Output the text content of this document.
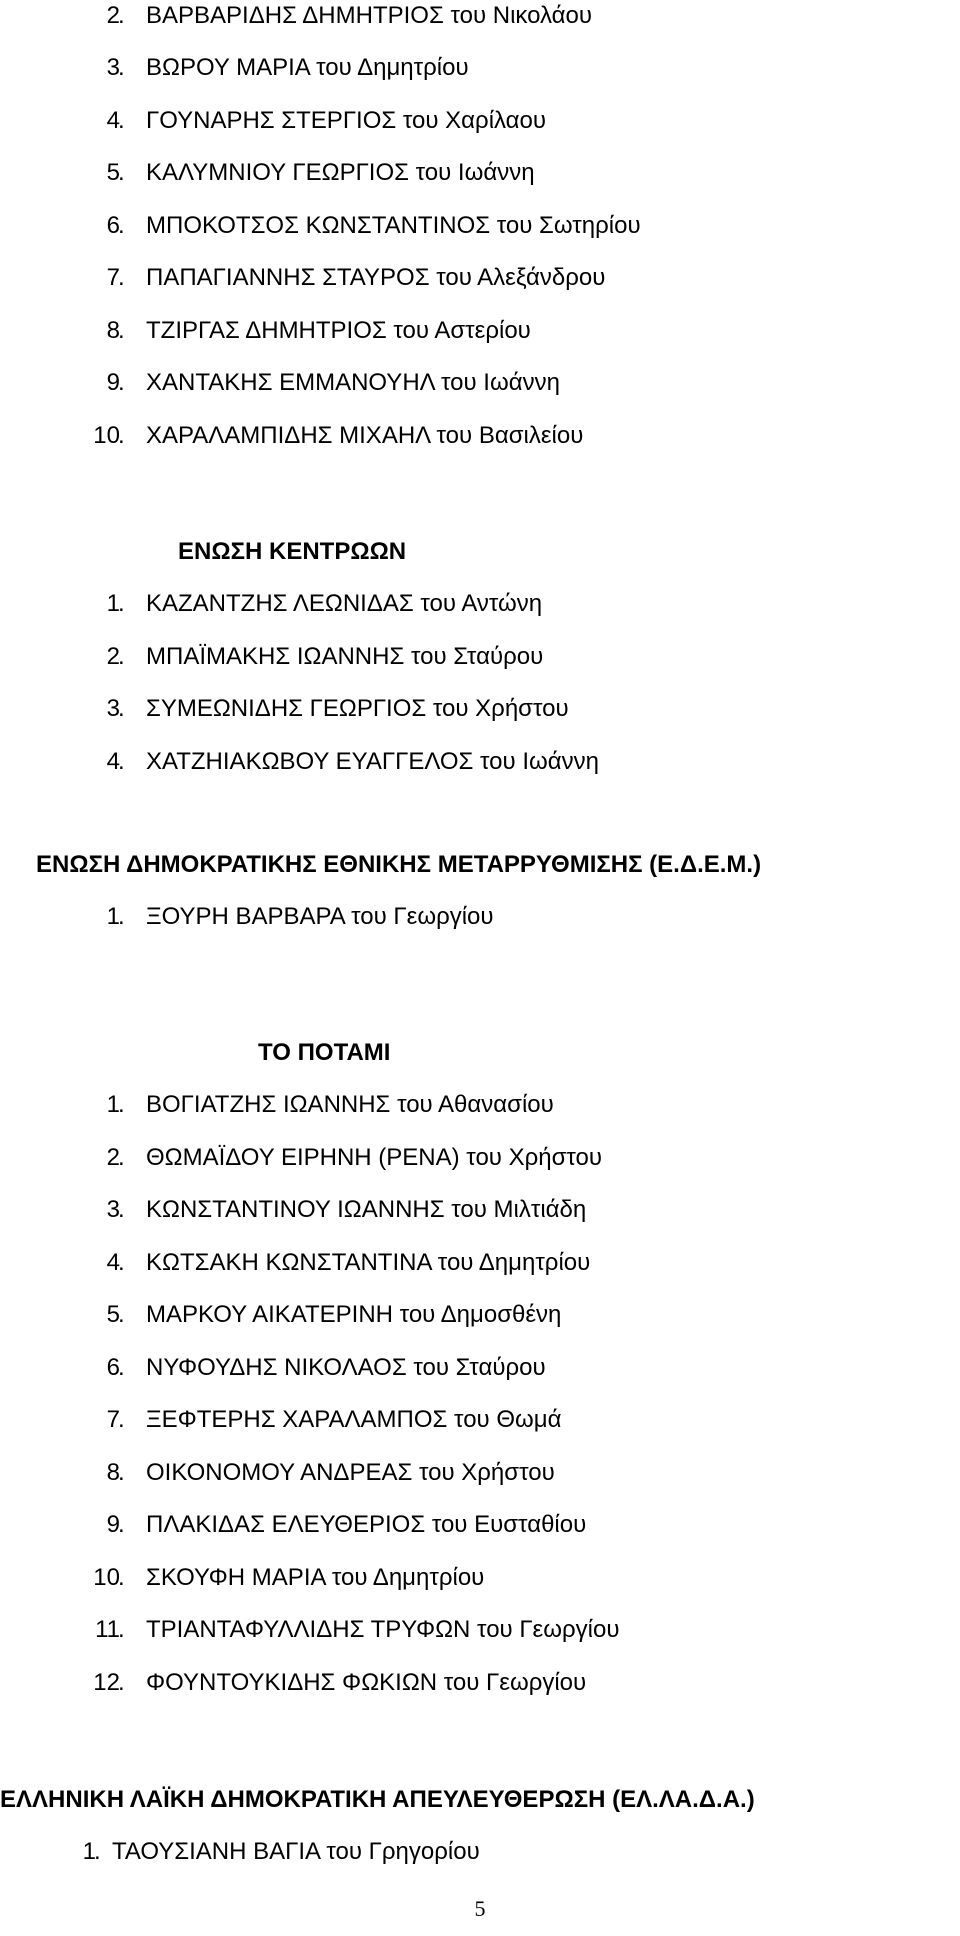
2
. ΒΑΡΒΑΡΙΔΗΣ ΔΗΜΗΤΡΙΟΣ του Νικολάου
3
. ΒΩΡΟΥ ΜΑΡΙΑ του Δημητρίου
4
. ΓΟΥΝΑΡΗΣ ΣΤΕΡΓΙΟΣ του Χαρίλαου
5
. ΚΑΛΥΜΝΙΟΥ ΓΕΩΡΓΙΟΣ του Ιωάννη
6
. ΜΠΟΚΟΤΣΟΣ ΚΩΝΣΤΑΝΤΙΝΟΣ του Σωτηρίου
7
. ΠΑΠΑΓΙΑΝΝΗΣ ΣΤΑΥΡΟΣ του Αλεξάνδρου
8
. ΤΖΙΡΓΑΣ ΔΗΜΗΤΡΙΟΣ του Αστερίου
9
. ΧΑΝΤΑΚΗΣ ΕΜΜΑΝΟΥΗΛ του Ιωάννη
10
. ΧΑΡΑΛΑΜΠΙΔΗΣ ΜΙΧΑΗΛ του Βασιλείου
ΕΝΩΣΗ ΚΕΝΤΡΩΩΝ
1
. ΚΑΖΑΝΤΖΗΣ ΛΕΩΝΙΔΑΣ του Αντώνη
2
. ΜΠΑΪΜΑΚΗΣ ΙΩΑΝΝΗΣ του Σταύρου
3
. ΣΥΜΕΩΝΙΔΗΣ ΓΕΩΡΓΙΟΣ του Χρήστου
4
. ΧΑΤΖΗΙΑΚΩΒΟΥ ΕΥΑΓΓΕΛΟΣ του Ιωάννη
ΕΝΩΣΗ ΔΗΜΟΚΡΑΤΙΚΗΣ ΕΘΝΙΚΗΣ ΜΕΤΑΡΡΥΘΜΙΣΗΣ (Ε.Δ.Ε.Μ.)
1
. ΞΟΥΡΗ ΒΑΡΒΑΡΑ του Γεωργίου
ΤΟ ΠΟΤΑΜΙ
1
. ΒΟΓΙΑΤΖΗΣ ΙΩΑΝΝΗΣ του Αθανασίου
2
. ΘΩΜΑΪΔΟΥ ΕΙΡΗΝΗ (ΡΕΝΑ) του Χρήστου
3
. ΚΩΝΣΤΑΝΤΙΝΟΥ ΙΩΑΝΝΗΣ του Μιλτιάδη
4
. ΚΩΤΣΑΚΗ ΚΩΝΣΤΑΝΤΙΝΑ του Δημητρίου
5
. ΜΑΡΚΟΥ ΑΙΚΑΤΕΡΙΝΗ του Δημοσθένη
6
. ΝΥΦΟΥΔΗΣ ΝΙΚΟΛΑΟΣ του Σταύρου
7
. ΞΕΦΤΕΡΗΣ ΧΑΡΑΛΑΜΠΟΣ του Θωμά
8
. ΟΙΚΟΝΟΜΟΥ ΑΝΔΡΕΑΣ του Χρήστου
9
. ΠΛΑΚΙΔΑΣ ΕΛΕΥΘΕΡΙΟΣ του Ευσταθίου
10
. ΣΚΟΥΦΗ ΜΑΡΙΑ του Δημητρίου
11
. ΤΡΙΑΝΤΑΦΥΛΛΙΔΗΣ ΤΡΥΦΩΝ του Γεωργίου
12
. ΦΟΥΝΤΟΥΚΙΔΗΣ ΦΩΚΙΩΝ του Γεωργίου
ΕΛΛΗΝΙΚΗ ΛΑΪΚΗ ΔΗΜΟΚΡΑΤΙΚΗ ΑΠΕΥΛΕΥΘΕΡΩΣΗ (ΕΛ.ΛΑ.Δ.Α.)
1
. ΤΑΟΥΣΙΑΝΗ ΒΑΓΙΑ του Γρηγορίου
5
